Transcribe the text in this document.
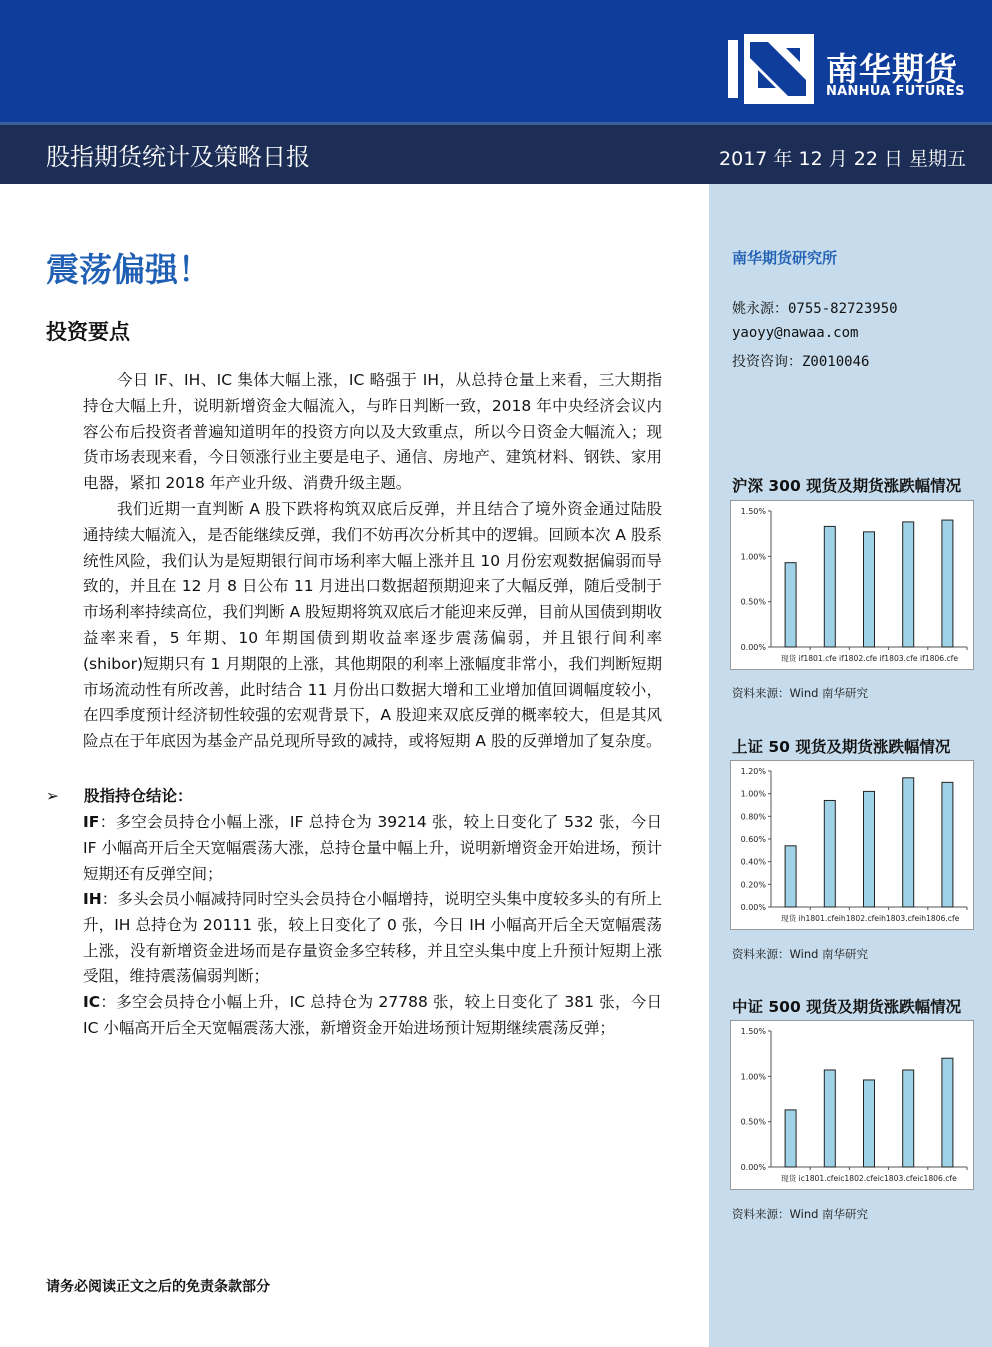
南华期货
NANHUA FUTURES
股指期货统计及策略日报	2017 年 12 月 22 日 星期五
震荡偏强！
投资要点

今日 IF、IH、IC 集体大幅上涨，IC 略强于 IH，从总持仓量上来看，三大期指持仓大幅上升，说明新增资金大幅流入，与昨日判断一致，2018 年中央经济会议内容公布后投资者普遍知道明年的投资方向以及大致重点，所以今日资金大幅流入；现货市场表现来看，今日领涨行业主要是电子、通信、房地产、建筑材料、钢铁、家用电器，紧扣 2018 年产业升级、消费升级主题。

我们近期一直判断 A 股下跌将构筑双底后反弹，并且结合了境外资金通过陆股通持续大幅流入，是否能继续反弹，我们不妨再次分析其中的逻辑。回顾本次 A 股系统性风险，我们认为是短期银行间市场利率大幅上涨并且 10 月份宏观数据偏弱而导致的，并且在 12 月 8 日公布 11 月进出口数据超预期迎来了大幅反弹，随后受制于市场利率持续高位，我们判断 A 股短期将筑双底后才能迎来反弹，目前从国债到期收益率来看，5 年期、10 年期国债到期收益率逐步震荡偏弱，并且银行间利率(shibor)短期只有 1 月期限的上涨，其他期限的利率上涨幅度非常小，我们判断短期市场流动性有所改善，此时结合 11 月份出口数据大增和工业增加值回调幅度较小，在四季度预计经济韧性较强的宏观背景下，A 股迎来双底反弹的概率较大，但是其风险点在于年底因为基金产品兑现所导致的减持，或将短期 A 股的反弹增加了复杂度。

➢ 股指持仓结论：
IF：多空会员持仓小幅上涨，IF 总持仓为 39214 张，较上日变化了 532 张，今日 IF 小幅高开后全天宽幅震荡大涨，总持仓量中幅上升，说明新增资金开始进场，预计短期还有反弹空间；
IH：多头会员小幅减持同时空头会员持仓小幅增持，说明空头集中度较多头的有所上升，IH 总持仓为 20111 张，较上日变化了 0 张，今日 IH 小幅高开后全天宽幅震荡上涨，没有新增资金进场而是存量资金多空转移，并且空头集中度上升预计短期上涨受阻，维持震荡偏弱判断；
IC：多空会员持仓小幅上升，IC 总持仓为 27788 张，较上日变化了 381 张，今日 IC 小幅高开后全天宽幅震荡大涨，新增资金开始进场预计短期继续震荡反弹；
请务必阅读正文之后的免责条款部分
南华期货研究所
姚永源：0755-82723950
yaoyy@nawaa.com
投资咨询：Z0010046
沪深 300 现货及期货涨跌幅情况
0.00%
0.50%
1.00%
1.50%
现货 if1801.cfe if1802.cfe if1803.cfe if1806.cfe
资料来源：Wind 南华研究
上证 50 现货及期货涨跌幅情况
0.00%
0.20%
0.40%
0.60%
0.80%
1.00%
1.20%
现货 ih1801.cfeih1802.cfeih1803.cfeih1806.cfe
资料来源：Wind 南华研究
中证 500 现货及期货涨跌幅情况
0.00%
0.50%
1.00%
1.50%
现货 ic1801.cfeic1802.cfeic1803.cfeic1806.cfe
资料来源：Wind 南华研究
